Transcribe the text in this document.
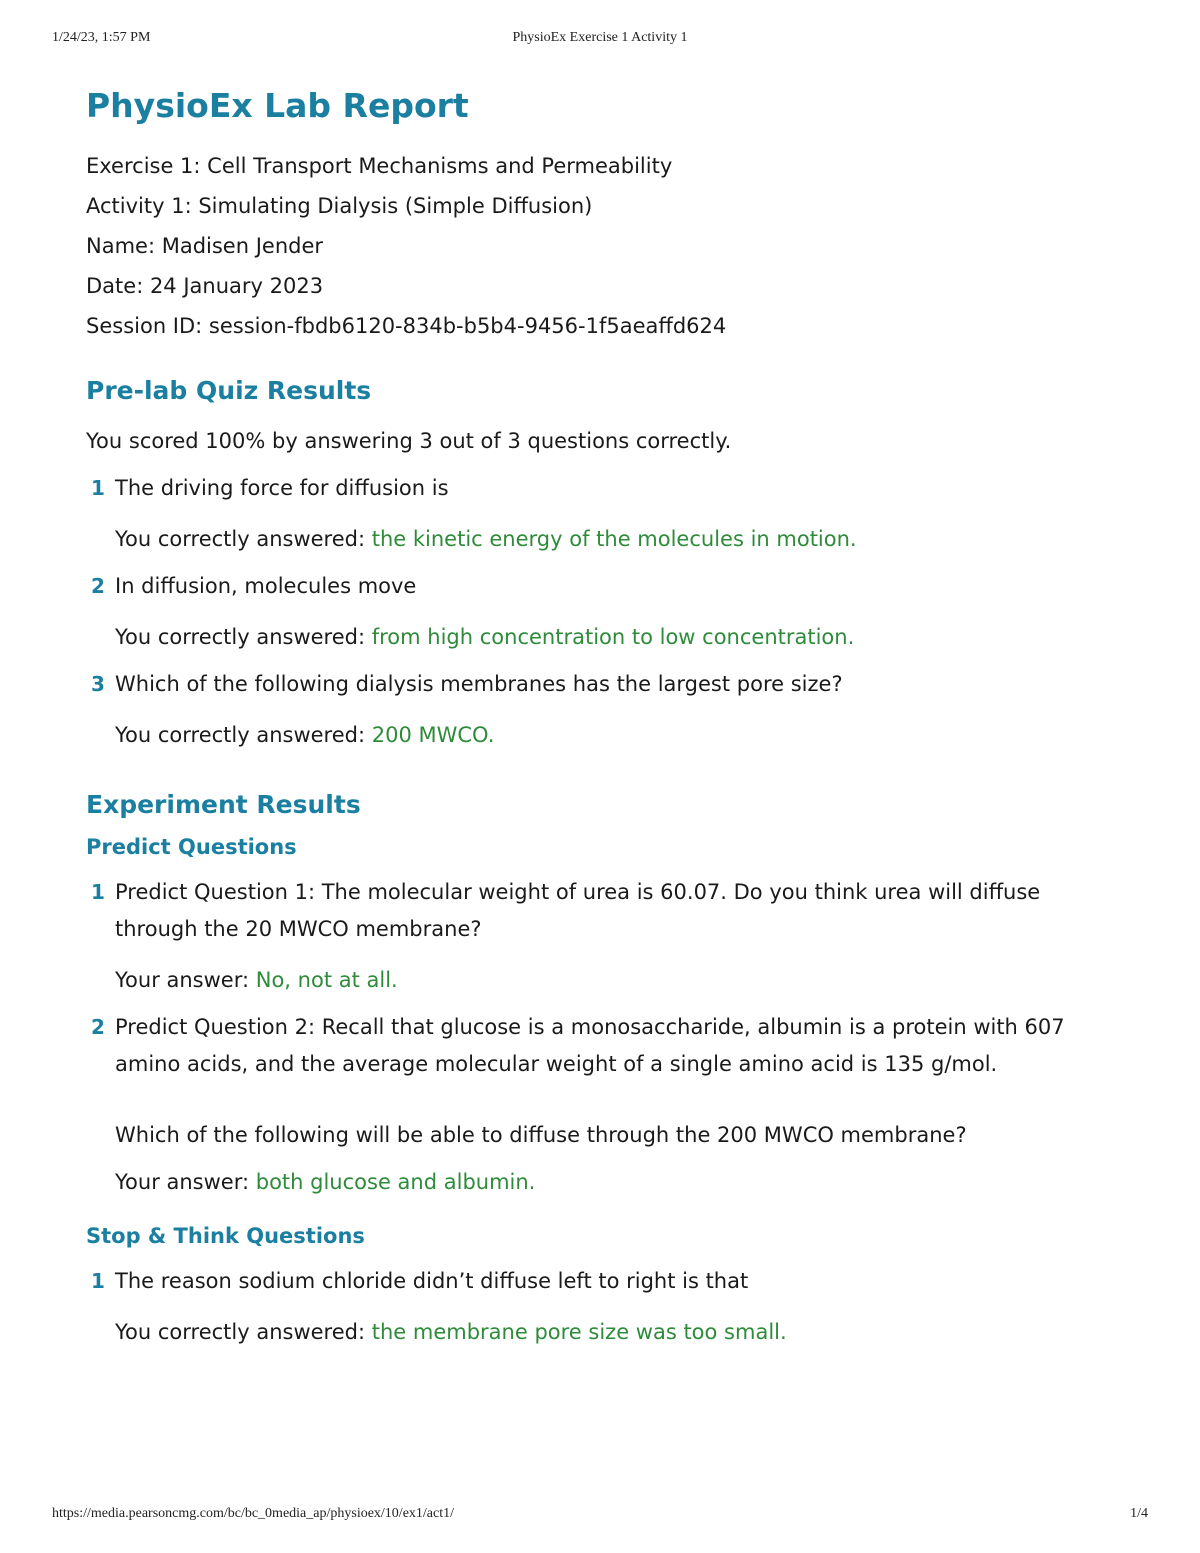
1/24/23, 1:57 PM	PhysioEx Exercise 1 Activity 1
PhysioEx Lab Report
Exercise 1: Cell Transport Mechanisms and Permeability
Activity 1: Simulating Dialysis (Simple Diffusion)
Name: Madisen Jender
Date: 24 January 2023
Session ID: session-fbdb6120-834b-b5b4-9456-1f5aeaffd624
Pre-lab Quiz Results
You scored 100% by answering 3 out of 3 questions correctly.
1 The driving force for diffusion is
You correctly answered: the kinetic energy of the molecules in motion.
2 In diffusion, molecules move
You correctly answered: from high concentration to low concentration.
3 Which of the following dialysis membranes has the largest pore size?
You correctly answered: 200 MWCO.
Experiment Results
Predict Questions
1 Predict Question 1: The molecular weight of urea is 60.07. Do you think urea will diffuse through the 20 MWCO membrane?
Your answer: No, not at all.
2 Predict Question 2: Recall that glucose is a monosaccharide, albumin is a protein with 607 amino acids, and the average molecular weight of a single amino acid is 135 g/mol.
Which of the following will be able to diffuse through the 200 MWCO membrane?
Your answer: both glucose and albumin.
Stop & Think Questions
1 The reason sodium chloride didn’t diffuse left to right is that
You correctly answered: the membrane pore size was too small.
https://media.pearsoncmg.com/bc/bc_0media_ap/physioex/10/ex1/act1/	1/4
